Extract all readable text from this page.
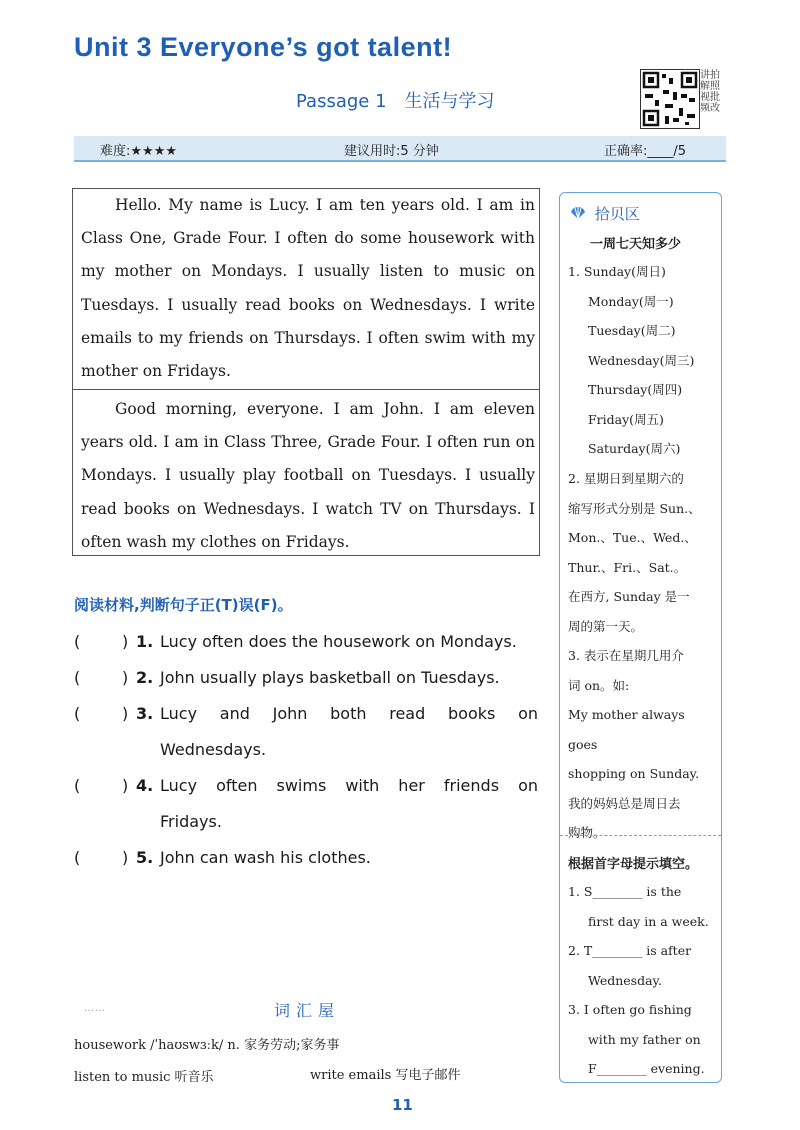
Unit 3 Everyone’s got talent!
Passage 1 生活与学习
讲拍解照视批频改
难度:★★★★	建议用时:5 分钟	正确率:____/5
Hello. My name is Lucy. I am ten years old. I am in Class One, Grade Four. I often do some housework with my mother on Mondays. I usually listen to music on Tuesdays. I usually read books on Wednesdays. I write emails to my friends on Thursdays. I often swim with my mother on Fridays.
Good morning, everyone. I am John. I am eleven years old. I am in Class Three, Grade Four. I often run on Mondays. I usually play football on Tuesdays. I usually read books on Wednesdays. I watch TV on Thursdays. I often wash my clothes on Fridays.
阅读材料,判断句子正(T)误(F)。
(	) 1. Lucy often does the housework on Mondays.
(	) 2. John usually plays basketball on Tuesdays.
(	) 3. Lucy and John both read books on
Wednesdays.
(	) 4. Lucy often swims with her friends on
Fridays.
(	) 5. John can wash his clothes.
……	词汇屋
housework /ˈhaʊswɜːk/ n. 家务劳动;家务事
listen to music 听音乐	write emails 写电子邮件
11
拾贝区
一周七天知多少

1. Sunday(周日)

Monday(周一)

Tuesday(周二)

Wednesday(周三)

Thursday(周四)

Friday(周五)

Saturday(周六)

2. 星期日到星期六的

缩写形式分别是 Sun.、

Mon.、Tue.、Wed.、

Thur.、Fri.、Sat.。

在西方, Sunday 是一

周的第一天。

3. 表示在星期几用介

词 on。如:

My mother always goes

shopping on Sunday.

我的妈妈总是周日去

购物。

根据首字母提示填空。

1. S________ is the

first day in a week.

2. T________ is after

Wednesday.

3. I often go fishing

with my father on

F________ evening.
